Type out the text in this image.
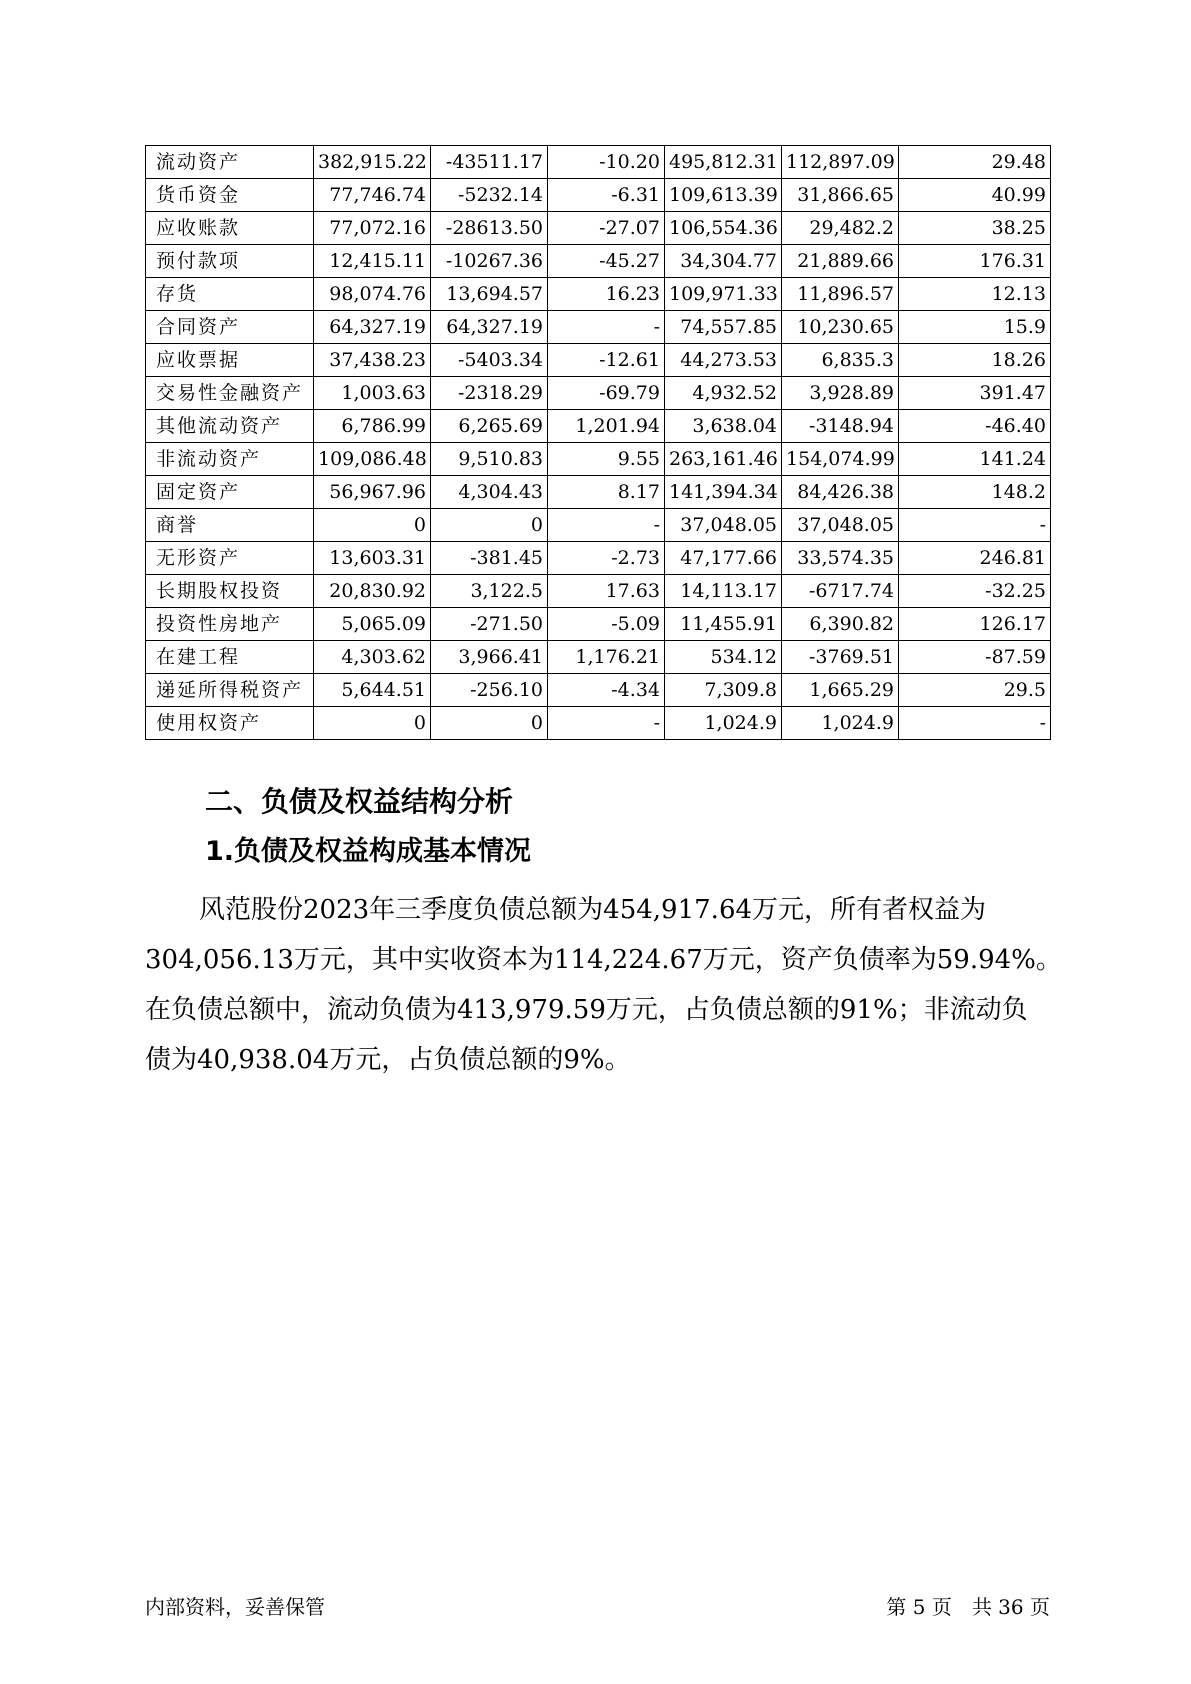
流动资产	382,915.22	-43511.17	-10.20	495,812.31	112,897.09	29.48
货币资金	77,746.74	-5232.14	-6.31	109,613.39	31,866.65	40.99
应收账款	77,072.16	-28613.50	-27.07	106,554.36	29,482.2	38.25
预付款项	12,415.11	-10267.36	-45.27	34,304.77	21,889.66	176.31
存货	98,074.76	13,694.57	16.23	109,971.33	11,896.57	12.13
合同资产	64,327.19	64,327.19	-	74,557.85	10,230.65	15.9
应收票据	37,438.23	-5403.34	-12.61	44,273.53	6,835.3	18.26
交易性金融资产	1,003.63	-2318.29	-69.79	4,932.52	3,928.89	391.47
其他流动资产	6,786.99	6,265.69	1,201.94	3,638.04	-3148.94	-46.40
非流动资产	109,086.48	9,510.83	9.55	263,161.46	154,074.99	141.24
固定资产	56,967.96	4,304.43	8.17	141,394.34	84,426.38	148.2
商誉	0	0	-	37,048.05	37,048.05	-
无形资产	13,603.31	-381.45	-2.73	47,177.66	33,574.35	246.81
长期股权投资	20,830.92	3,122.5	17.63	14,113.17	-6717.74	-32.25
投资性房地产	5,065.09	-271.50	-5.09	11,455.91	6,390.82	126.17
在建工程	4,303.62	3,966.41	1,176.21	534.12	-3769.51	-87.59
递延所得税资产	5,644.51	-256.10	-4.34	7,309.8	1,665.29	29.5
使用权资产	0	0	-	1,024.9	1,024.9	-
二、负债及权益结构分析
1.负债及权益构成基本情况
风范股份2023年三季度负债总额为454,917.64万元，所有者权益为
304,056.13万元，其中实收资本为114,224.67万元，资产负债率为59.94%。
在负债总额中，流动负债为413,979.59万元，占负债总额的91%；非流动负
债为40,938.04万元，占负债总额的9%。
内部资料，妥善保管	第 5 页 共 36 页
